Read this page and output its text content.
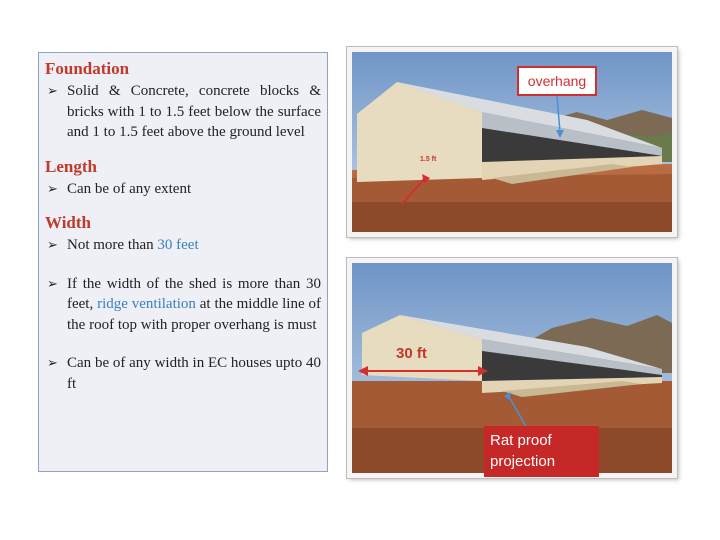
Foundation
➢ Solid & Concrete, concrete blocks & bricks with 1 to 1.5 feet below the surface and 1 to 1.5 feet above the ground level
Length
➢ Can be of any extent
Width
➢ Not more than 30 feet
➢ If the width of the shed is more than 30 feet, ridge ventilation at the middle line of the roof top with proper overhang is must
➢ Can be of any width in EC houses upto 40 ft
overhang
1.5 ft
30 ft
Rat proof projection
